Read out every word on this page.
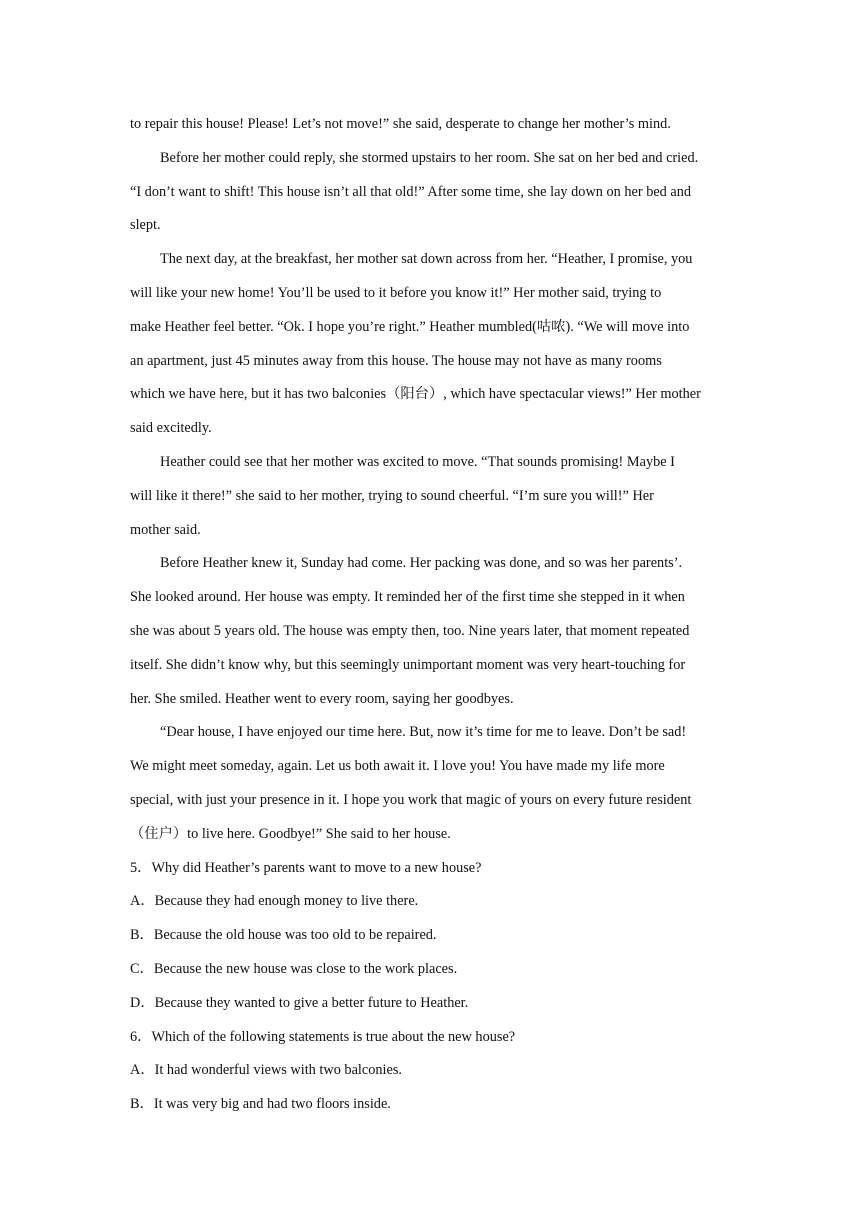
to repair this house! Please! Let’s not move!” she said, desperate to change her mother’s mind.

Before her mother could reply, she stormed upstairs to her room. She sat on her bed and cried.

“I don’t want to shift! This house isn’t all that old!” After some time, she lay down on her bed and

slept.

The next day, at the breakfast, her mother sat down across from her. “Heather, I promise, you

will like your new home! You’ll be used to it before you know it!” Her mother said, trying to

make Heather feel better. “Ok. I hope you’re right.” Heather mumbled(咕哝). “We will move into

an apartment, just 45 minutes away from this house. The house may not have as many rooms

which we have here, but it has two balconies（阳台）, which have spectacular views!” Her mother

said excitedly.

Heather could see that her mother was excited to move. “That sounds promising! Maybe I

will like it there!” she said to her mother, trying to sound cheerful. “I’m sure you will!” Her

mother said.

Before Heather knew it, Sunday had come. Her packing was done, and so was her parents’.

She looked around. Her house was empty. It reminded her of the first time she stepped in it when

she was about 5 years old. The house was empty then, too. Nine years later, that moment repeated

itself. She didn’t know why, but this seemingly unimportant moment was very heart-touching for

her. She smiled. Heather went to every room, saying her goodbyes.

“Dear house, I have enjoyed our time here. But, now it’s time for me to leave. Don’t be sad!

We might meet someday, again. Let us both await it. I love you! You have made my life more

special, with just your presence in it. I hope you work that magic of yours on every future resident

（住户）to live here. Goodbye!” She said to her house.

5．Why did Heather’s parents want to move to a new house?

A．Because they had enough money to live there.

B．Because the old house was too old to be repaired.

C．Because the new house was close to the work places.

D．Because they wanted to give a better future to Heather.

6．Which of the following statements is true about the new house?

A．It had wonderful views with two balconies.

B．It was very big and had two floors inside.
